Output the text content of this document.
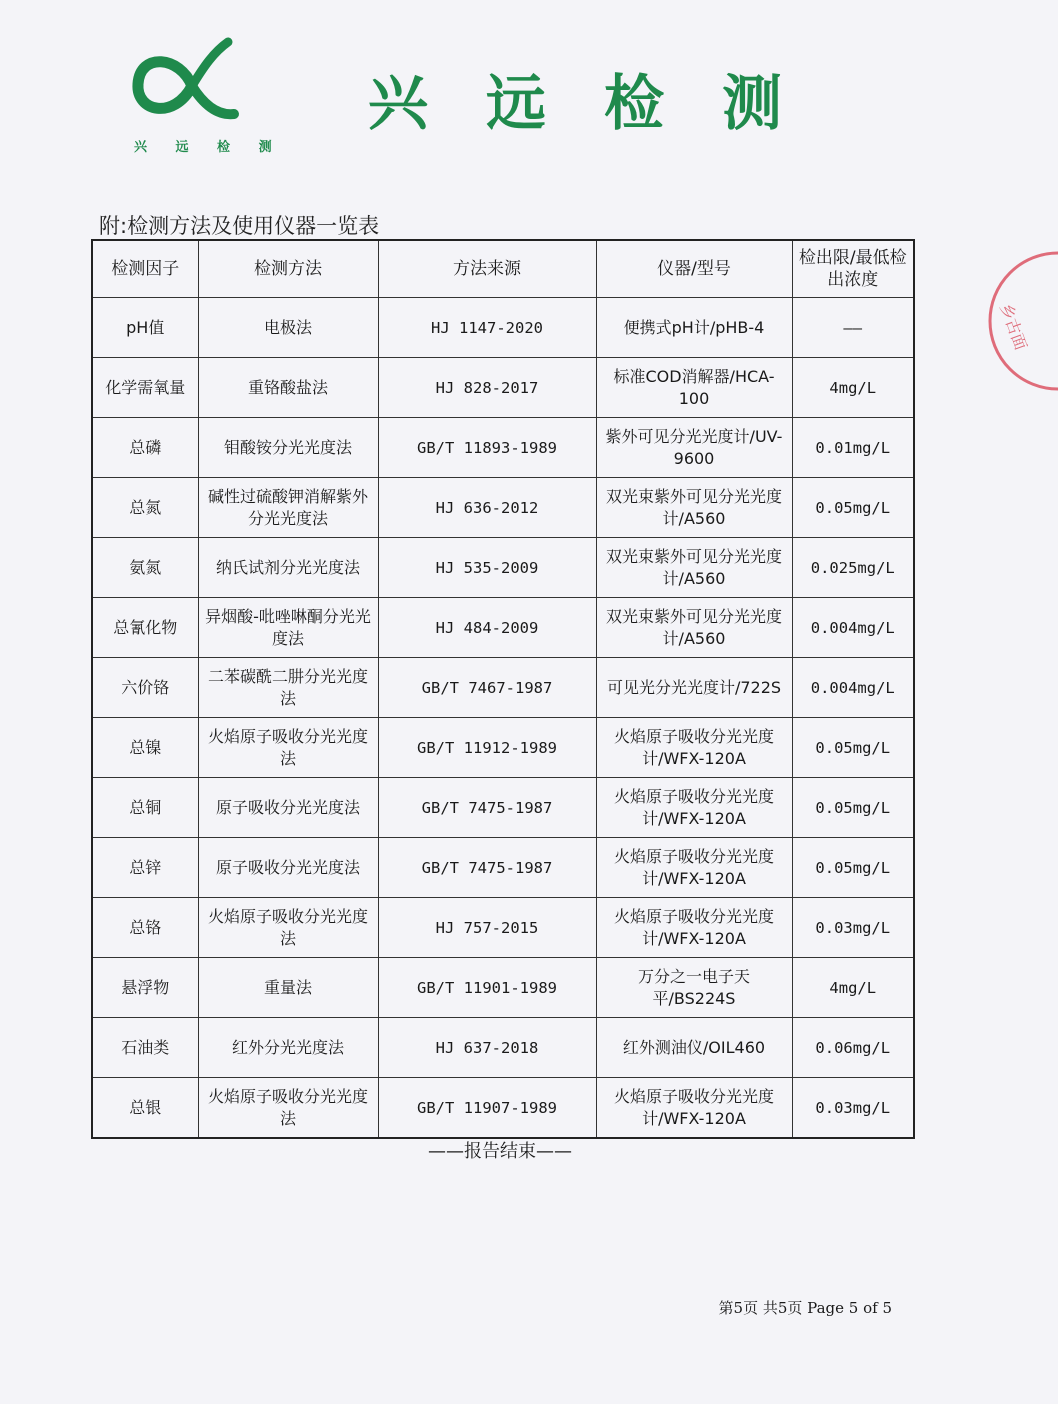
兴 远 检 测
兴远检测
附:检测方法及使用仪器一览表
检测因子	检测方法	方法来源	仪器/型号	检出限/最低检出浓度
pH值	电极法	HJ 1147-2020	便携式pH计/pHB-4	——
化学需氧量	重铬酸盐法	HJ 828-2017	标准COD消解器/HCA-100	4mg/L
总磷	钼酸铵分光光度法	GB/T 11893-1989	紫外可见分光光度计/UV-9600	0.01mg/L
总氮	碱性过硫酸钾消解紫外分光光度法	HJ 636-2012	双光束紫外可见分光光度计/A560	0.05mg/L
氨氮	纳氏试剂分光光度法	HJ 535-2009	双光束紫外可见分光光度计/A560	0.025mg/L
总氰化物	异烟酸-吡唑啉酮分光光度法	HJ 484-2009	双光束紫外可见分光光度计/A560	0.004mg/L
六价铬	二苯碳酰二肼分光光度法	GB/T 7467-1987	可见光分光光度计/722S	0.004mg/L
总镍	火焰原子吸收分光光度法	GB/T 11912-1989	火焰原子吸收分光光度计/WFX-120A	0.05mg/L
总铜	原子吸收分光光度法	GB/T 7475-1987	火焰原子吸收分光光度计/WFX-120A	0.05mg/L
总锌	原子吸收分光光度法	GB/T 7475-1987	火焰原子吸收分光光度计/WFX-120A	0.05mg/L
总铬	火焰原子吸收分光光度法	HJ 757-2015	火焰原子吸收分光光度计/WFX-120A	0.03mg/L
悬浮物	重量法	GB/T 11901-1989	万分之一电子天平/BS224S	4mg/L
石油类	红外分光光度法	HJ 637-2018	红外测油仪/OIL460	0.06mg/L
总银	火焰原子吸收分光光度法	GB/T 11907-1989	火焰原子吸收分光光度计/WFX-120A	0.03mg/L
——报告结束——
第5页 共5页 Page 5 of 5
乡古面
